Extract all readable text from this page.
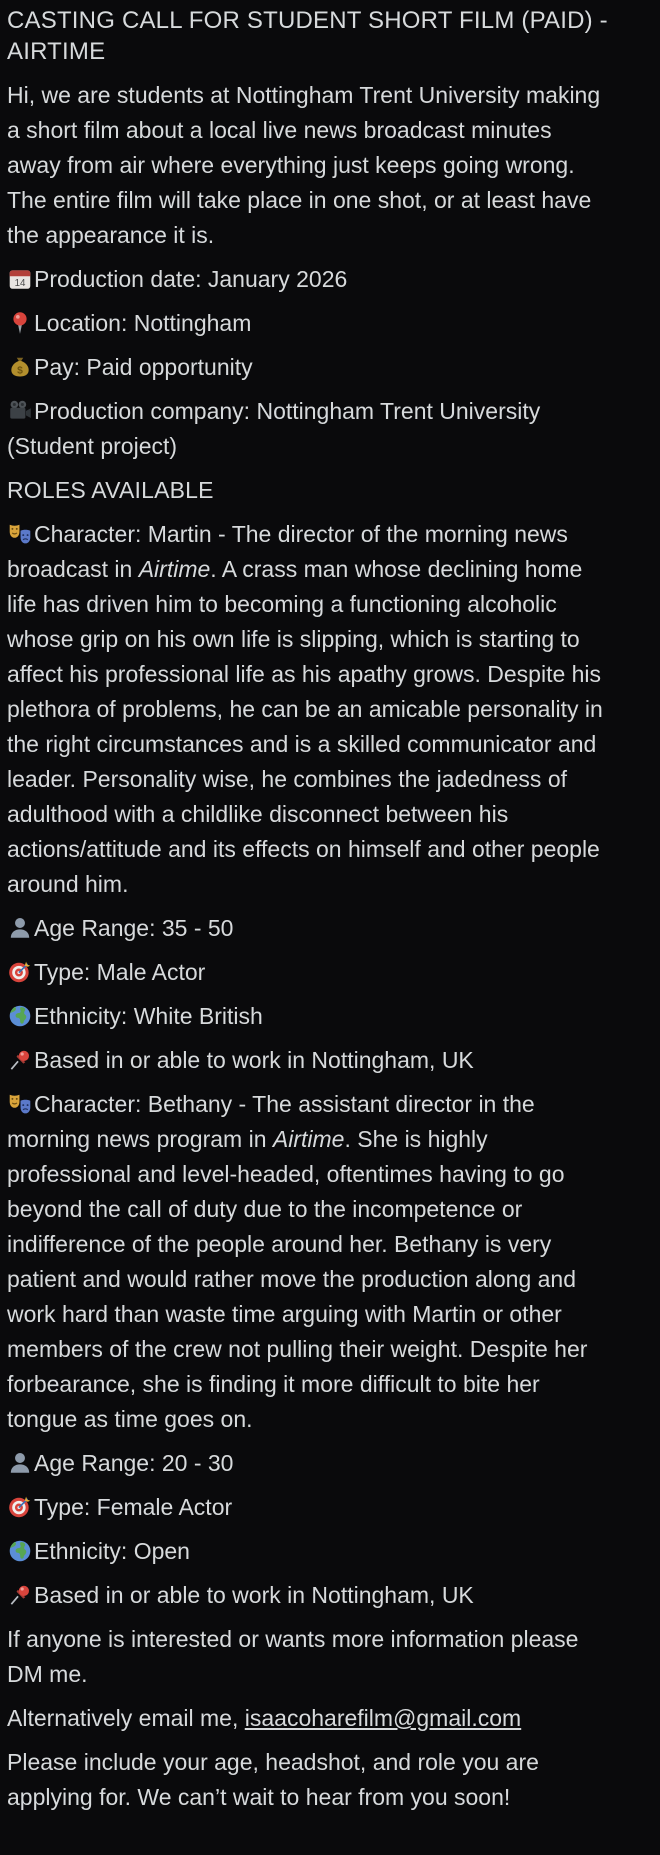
CASTING CALL FOR STUDENT SHORT FILM (PAID) - AIRTIME

Hi, we are students at Nottingham Trent University making a short film about a local live news broadcast minutes away from air where everything just keeps going wrong. The entire film will take place in one shot, or at least have the appearance it is.

14 Production date: January 2026

Location: Nottingham

$ Pay: Paid opportunity

Production company: Nottingham Trent University (Student project)

ROLES AVAILABLE

Character: Martin - The director of the morning news broadcast in Airtime. A crass man whose declining home life has driven him to becoming a functioning alcoholic whose grip on his own life is slipping, which is starting to affect his professional life as his apathy grows. Despite his plethora of problems, he can be an amicable personality in the right circumstances and is a skilled communicator and leader. Personality wise, he combines the jadedness of adulthood with a childlike disconnect between his actions/attitude and its effects on himself and other people around him.

Age Range: 35 - 50

Type: Male Actor

Ethnicity: White British

Based in or able to work in Nottingham, UK

Character: Bethany - The assistant director in the morning news program in Airtime. She is highly professional and level-headed, oftentimes having to go beyond the call of duty due to the incompetence or indifference of the people around her. Bethany is very patient and would rather move the production along and work hard than waste time arguing with Martin or other members of the crew not pulling their weight. Despite her forbearance, she is finding it more difficult to bite her tongue as time goes on.

Age Range: 20 - 30

Type: Female Actor

Ethnicity: Open

Based in or able to work in Nottingham, UK

If anyone is interested or wants more information please DM me.

Alternatively email me, isaacoharefilm@gmail.com

Please include your age, headshot, and role you are applying for. We can’t wait to hear from you soon!
